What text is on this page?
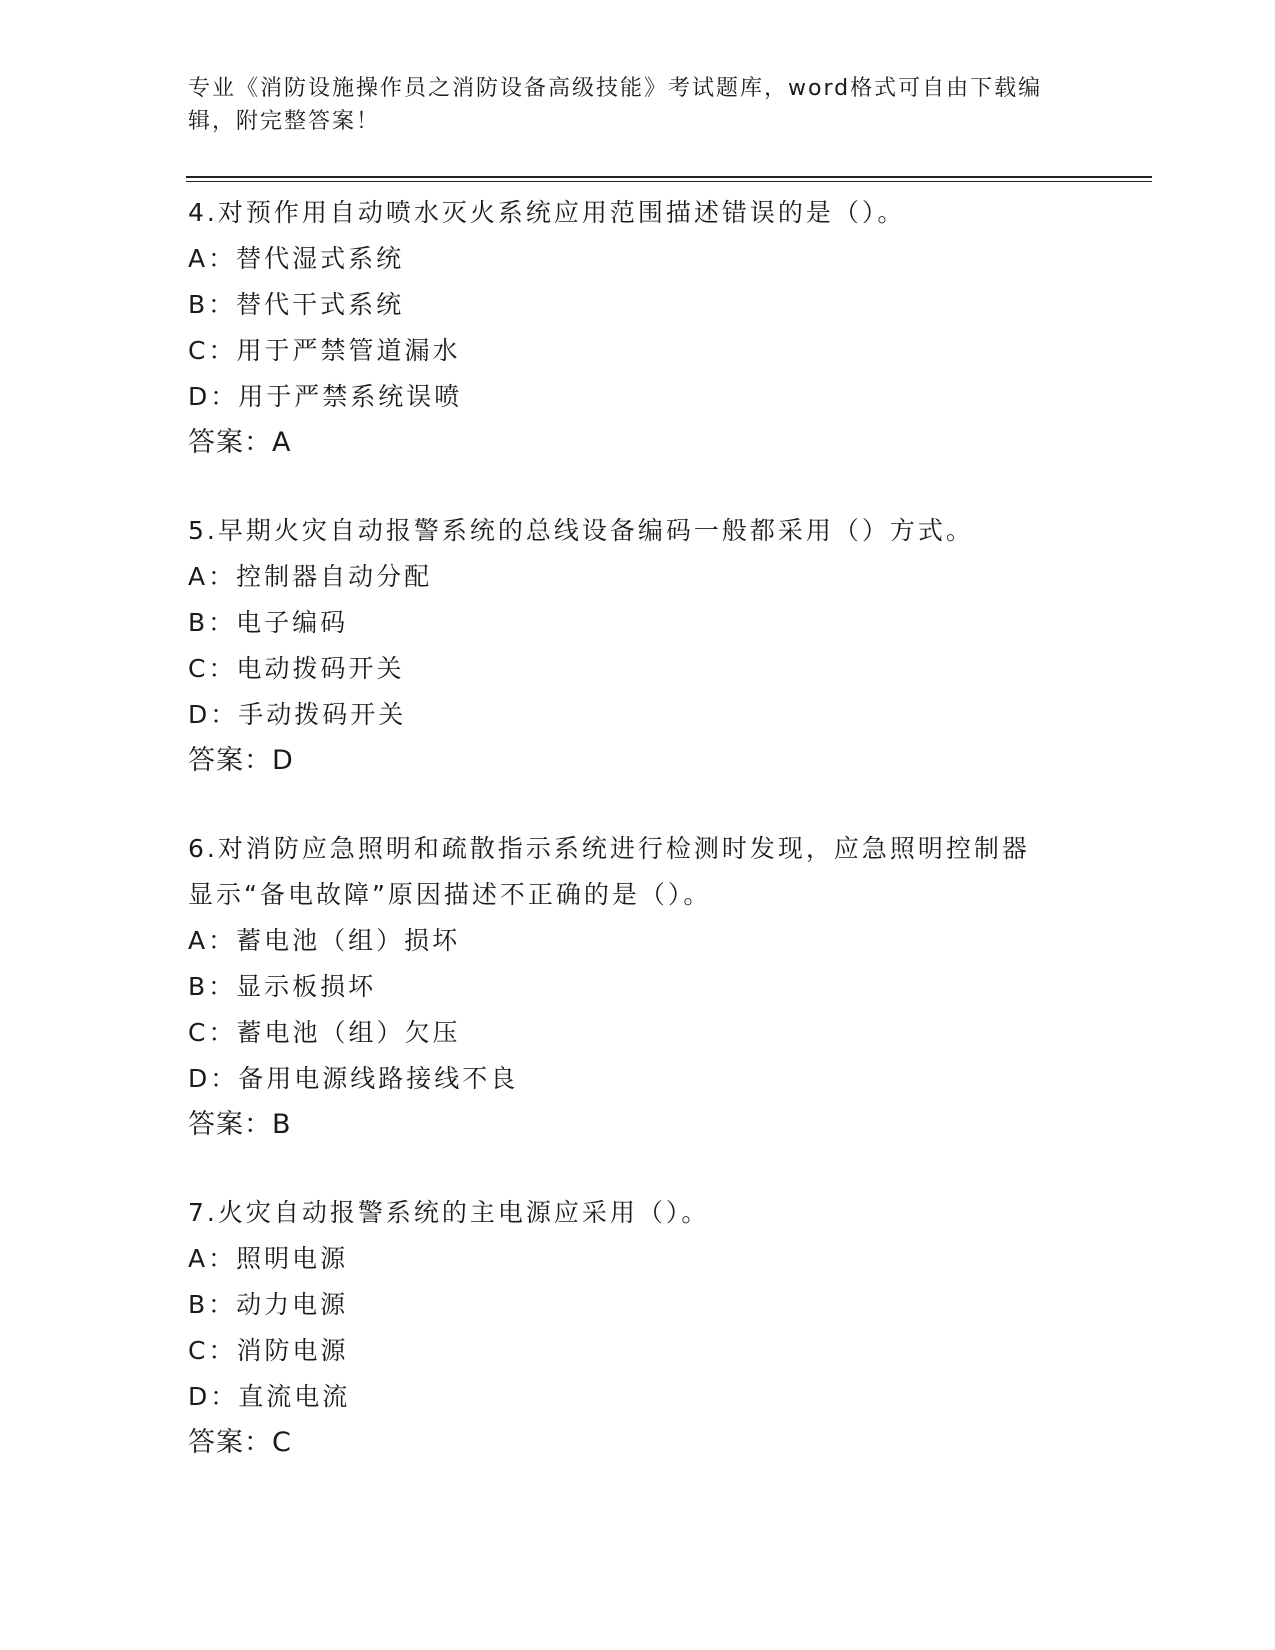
专业《消防设施操作员之消防设备高级技能》考试题库，word格式可自由下载编
辑，附完整答案！
4.对预作用自动喷水灭火系统应用范围描述错误的是（）。
A：替代湿式系统
B：替代干式系统
C：用于严禁管道漏水
D：用于严禁系统误喷
答案：A
5.早期火灾自动报警系统的总线设备编码一般都采用（）方式。
A：控制器自动分配
B：电子编码
C：电动拨码开关
D：手动拨码开关
答案：D
6.对消防应急照明和疏散指示系统进行检测时发现，应急照明控制器
显示“备电故障”原因描述不正确的是（）。
A：蓄电池（组）损坏
B：显示板损坏
C：蓄电池（组）欠压
D：备用电源线路接线不良
答案：B
7.火灾自动报警系统的主电源应采用（）。
A：照明电源
B：动力电源
C：消防电源
D：直流电流
答案：C
